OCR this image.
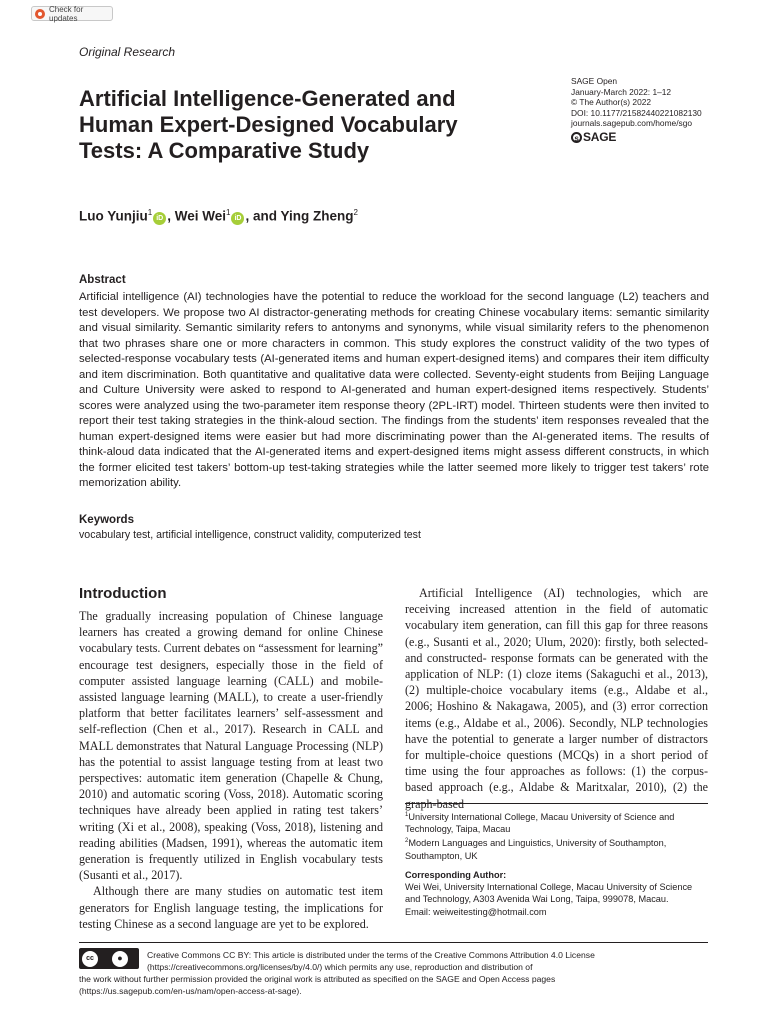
Check for updates
Original Research
SAGE Open
January-March 2022: 1–12
© The Author(s) 2022
DOI: 10.1177/21582440221082130
journals.sagepub.com/home/sgo
s SAGE
Artificial Intelligence-Generated and Human Expert-Designed Vocabulary Tests: A Comparative Study
Luo Yunjiu$^1$iD , Wei Wei$^1$iD , and Ying Zheng$^2$
Abstract

Artificial intelligence (AI) technologies have the potential to reduce the workload for the second language (L2) teachers and test developers. We propose two AI distractor-generating methods for creating Chinese vocabulary items: semantic similarity and visual similarity. Semantic similarity refers to antonyms and synonyms, while visual similarity refers to the phenomenon that two phrases share one or more characters in common. This study explores the construct validity of the two types of selected-response vocabulary tests (AI-generated items and human expert-designed items) and compares their item difficulty and item discrimination. Both quantitative and qualitative data were collected. Seventy-eight students from Beijing Language and Culture University were asked to respond to AI-generated and human expert-designed items respectively. Students’ scores were analyzed using the two-parameter item response theory (2PL-IRT) model. Thirteen students were then invited to report their test taking strategies in the think-aloud section. The findings from the students’ item responses revealed that the human expert-designed items were easier but had more discriminating power than the AI-generated items. The results of think-aloud data indicated that the AI-generated items and expert-designed items might assess different constructs, in which the former elicited test takers’ bottom-up test-taking strategies while the latter seemed more likely to trigger test takers’ rote memorization ability.

Keywords
vocabulary test, artificial intelligence, construct validity, computerized test
Introduction

The gradually increasing population of Chinese language learners has created a growing demand for online Chinese vocabulary tests. Current debates on “assessment for learning” encourage test designers, especially those in the field of computer assisted language learning (CALL) and mobile-assisted language learning (MALL), to create a user-friendly platform that better facilitates learners’ self-assessment and self-reflection (Chen et al., 2017). Research in CALL and MALL demonstrates that Natural Language Processing (NLP) has the potential to assist language testing from at least two perspectives: automatic item generation (Chapelle & Chung, 2010) and automatic scoring (Voss, 2018). Automatic scoring techniques have already been applied in rating test takers’ writing (Xi et al., 2008), speaking (Voss, 2018), listening and reading abilities (Madsen, 1991), whereas the automatic item generation is frequently utilized in English vocabulary tests (Susanti et al., 2017).

Although there are many studies on automatic test item generators for English language testing, the implications for testing Chinese as a second language are yet to be explored.

Artificial Intelligence (AI) technologies, which are receiving increased attention in the field of automatic vocabulary item generation, can fill this gap for three reasons (e.g., Susanti et al., 2020; Ulum, 2020): firstly, both selected- and constructed- response formats can be generated with the application of NLP: (1) cloze items (Sakaguchi et al., 2013), (2) multiple-choice vocabulary items (e.g., Aldabe et al., 2006; Hoshino & Nakagawa, 2005), and (3) error correction items (e.g., Aldabe et al., 2006). Secondly, NLP technologies have the potential to generate a larger number of distractors for multiple-choice questions (MCQs) in a short period of time using the four approaches as follows: (1) the corpus-based approach (e.g., Aldabe & Maritxalar, 2010), (2) the graph-based

$^1$University International College, Macau University of Science and Technology, Taipa, Macau

$^2$Modern Languages and Linguistics, University of Southampton, Southampton, UK

Corresponding Author:

Wei Wei, University International College, Macau University of Science and Technology, A303 Avenida Wai Long, Taipa, 999078, Macau.

Email: weiweitesting@hotmail.com

cc	●	Creative Commons CC BY: This article is distributed under the terms of the Creative Commons Attribution 4.0 License
(https://creativecommons.org/licenses/by/4.0/) which permits any use, reproduction and distribution of
the work without further permission provided the original work is attributed as specified on the SAGE and Open Access pages
(https://us.sagepub.com/en-us/nam/open-access-at-sage).
